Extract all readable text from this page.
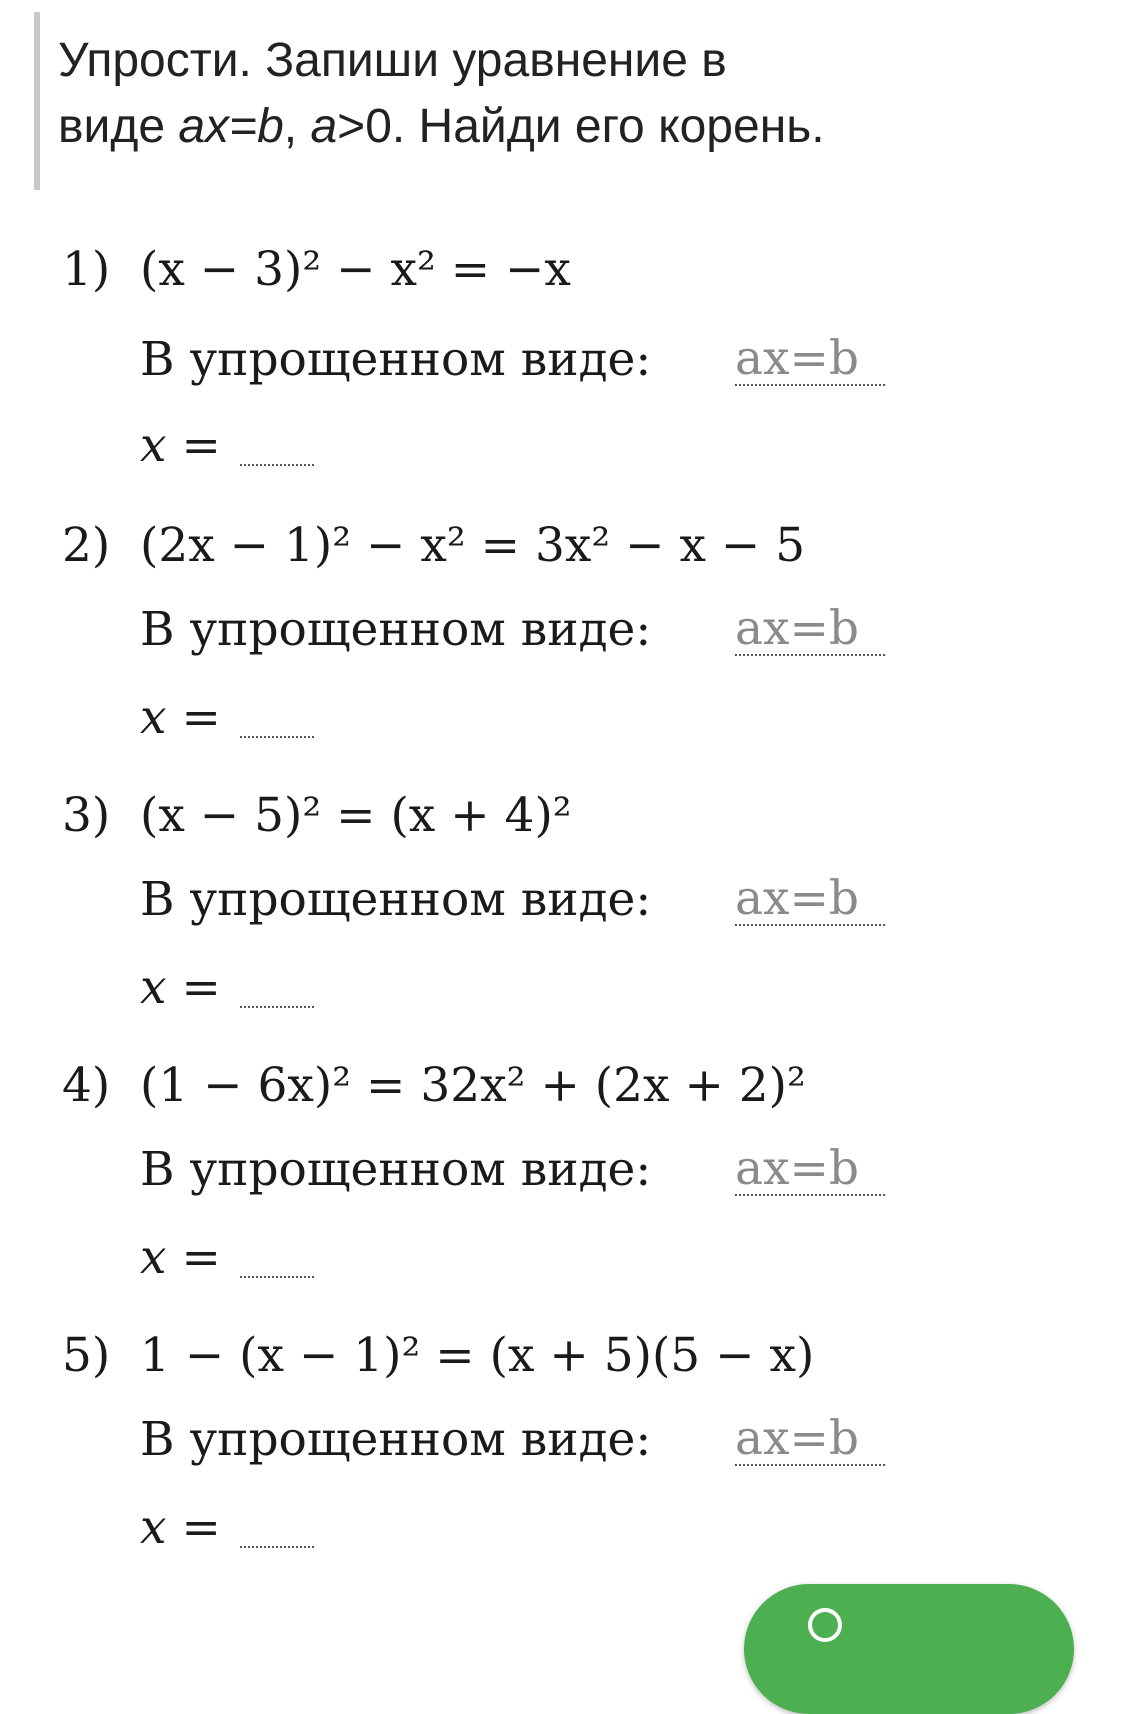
Упрости. Запиши уравнение в
виде ax=b, a>0. Найди его корень.
1) (x − 3)² − x² = −x
В упрощенном виде:
ax=b
x =
2) (2x − 1)² − x² = 3x² − x − 5
В упрощенном виде:
ax=b
x =
3) (x − 5)² = (x + 4)²
В упрощенном виде:
ax=b
x =
4) (1 − 6x)² = 32x² + (2x + 2)²
В упрощенном виде:
ax=b
x =
5) 1 − (x − 1)² = (x + 5)(5 − x)
В упрощенном виде:
ax=b
x =
